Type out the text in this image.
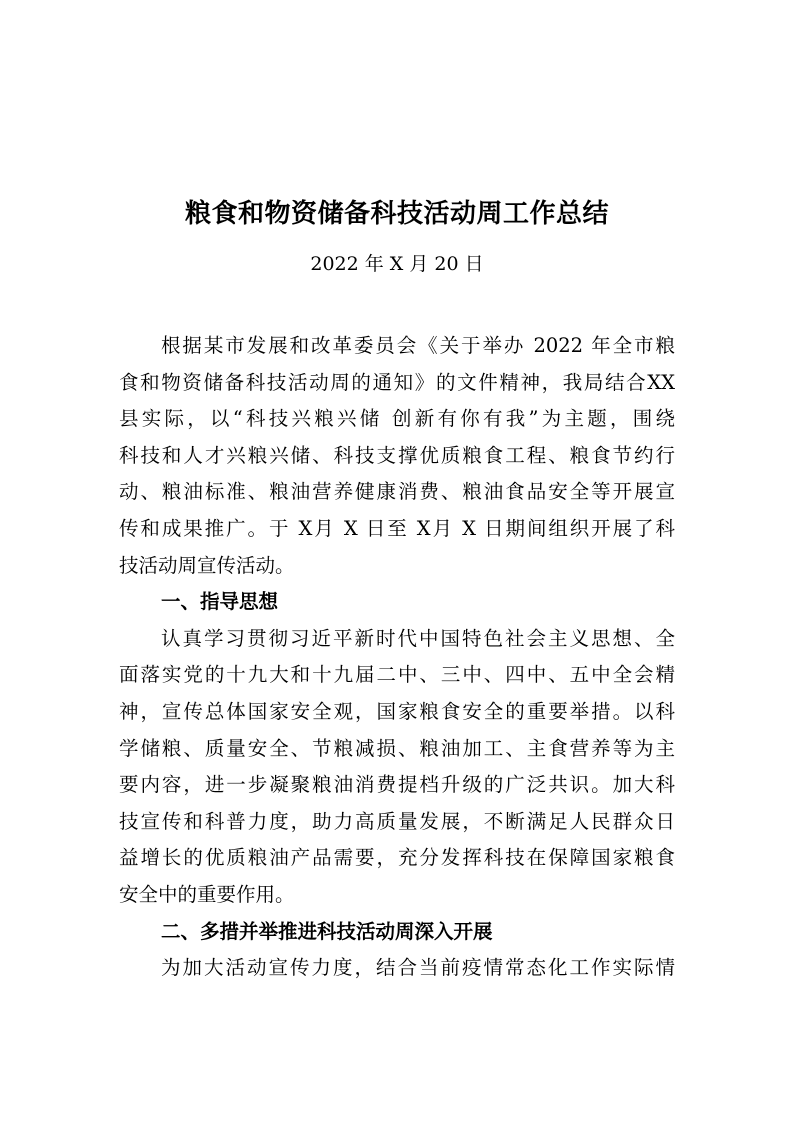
粮食和物资储备科技活动周工作总结
2022 年 X 月 20 日
根据某市发展和改革委员会《关于举办 2022 年全市粮
食和物资储备科技活动周的通知》的文件精神，我局结合XX
县实际，以“科技兴粮兴储 创新有你有我”为主题，围绕
科技和人才兴粮兴储、科技支撑优质粮食工程、粮食节约行
动、粮油标准、粮油营养健康消费、粮油食品安全等开展宣
传和成果推广。于 X月 X 日至 X月 X 日期间组织开展了科
技活动周宣传活动。
一、指导思想
认真学习贯彻习近平新时代中国特色社会主义思想、全
面落实党的十九大和十九届二中、三中、四中、五中全会精
神，宣传总体国家安全观，国家粮食安全的重要举措。以科
学储粮、质量安全、节粮减损、粮油加工、主食营养等为主
要内容，进一步凝聚粮油消费提档升级的广泛共识。加大科
技宣传和科普力度，助力高质量发展，不断满足人民群众日
益增长的优质粮油产品需要，充分发挥科技在保障国家粮食
安全中的重要作用。
二、多措并举推进科技活动周深入开展
为加大活动宣传力度，结合当前疫情常态化工作实际情
